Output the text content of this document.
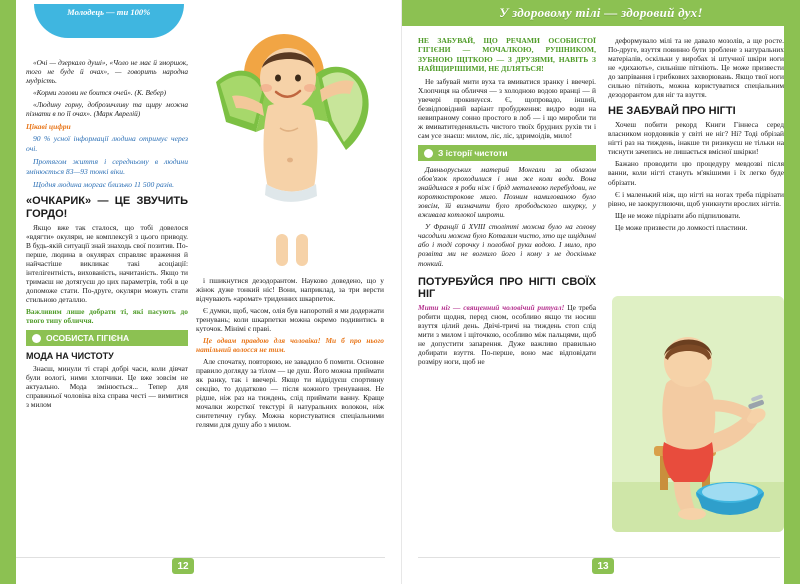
Молодець — ти 100%

«Очі — дзеркало душі», «Чоло не має й зморшок, того не буде й очах», — говорить народна мудрість.

«Корми голови не боится очей». (К. Вебер)

«Людину горну, доброзичливу та щиру можна пізнати в по її очах». (Марк Аврелій)

Цікаві цифри

90 % усної інформації людина отримує через очі.

Протягом життя і середньому в людини змінюється 83—93 тонкі віки.

Щодня людина моргає близько 11 500 разів.

«ОЧКАРИК» — ЦЕ ЗВУЧИТЬ ГОРДО!

Якщо вже так сталося, що тобі довелося «вдягти» окуляри, не комплексуй з цього приводу. В будь-якій ситуації знай знаходь свої позитив. По-перше, людина в окулярах справляє враження й найчастіше викликає такі асоціації: інтелігентність, вихованість, начитаність. Якщо ти тримаєш не дотягуєш до цих параметрів, тобі в це допоможе стати. По-друге, окуляри можуть стати стильною деталлю.

Важливим лише добрати ті, які пасують до твого типу обличчя.

ОСОБИСТА ГІГІЄНА
МОДА НА ЧИСТОТУ

Знаєш, минули ті старі добрі часи, коли дівчат були вологі, ними хлопчики. Це вже зовсім не актуально. Мода змінюється... Тепер для справжньої чоловіка віха справа честі — вимитися з милом

і пшикнутися дезодорантом. Науково доведено, що у жінок дуже тонкий ніс! Вони, наприклад, за три версти відчувають «аромат» триденних шкарпеток.

Є думки, щоб, часом, олія був напоротий я ми додержати тренувань; коли шкарпетки можна окремо подивитись в куточок. Мінімі є праві.

Це одвам правдою для чоловіка! Ми б про нього натільний волосся не тим.

Але спочатку, повторюю, не завадило б помити. Основне правило догляду за тілом — це душ. Його можна приймати як ранку, так і ввечері. Якщо ти відвідуєш спортивну секцію, то додатково — після кожного тренування. Не рідше, ніж раз на тиждень, слід приймати ванну. Краще мочалки жорсткої текстурі й натуральних волокон, ніж синтетичну губку. Можна користуватися спеціальними гелями для душу або з милом.

12
У здоровому тілі — здоровий дух!

НЕ ЗАБУВАЙ, ЩО РЕЧАМИ ОСОБИСТОЇ ГІГІЄНИ — МОЧАЛКОЮ, РУШНИКОМ, ЗУБНОЮ ЩІТКОЮ — З ДРУЗЯМИ, НАВІТЬ З НАЙЩИРІШИМИ, НЕ ДІЛЯТЬСЯ!

Не забувай мити вуха та вмиватися зранку і ввечері. Хлопчиця на обличчя — з холодною водою вранці — й увечері прокинуєся. Є, щопровадо, інший, безвідповідний варіант пробудження: видро води на невипраному сонно простого в лоб — і що миробли ти ж вмиватитеденяльсть чистого твоїх брудних рухів ти і сам усе знаєш: милом, ліс, ліс, здримоідів, мило!

З історії чистоти

Давньоруських материй Монгали за облазом обов'язок проходилися і мив же коли води. Вона знайдилася я роби ніж і брід металевою перебудови, не короткострокове мило. Позним намилованою було зовсім, їй визначити було прободьского шкурку, у вживала котлокої широти.

У Франції й XVIII столітті можна було на голову часодили можна було Коталим чисто, хто ще шцідинні або і тоді сорочку і полобної руки водою. І мило, про розвіта ми не вогнило його і кому з не доскіньке тонкий.

ПОТУРБУЙСЯ ПРО НІГТІ СВОЇХ НІГ

Мити ніг — священний чоловічий ритуал! Це треба робити щодня, перед сном, особливо якщо ти носиш взуття цілий день. Двічі-тричі на тиждень стоп слід мити з милом і щіточкою, особливо між пальцями, щоб не допустити запарення. Дуже важливо правильно добирати взуття. По-перше, воно має відповідати розміру ноги, щоб не

деформувало мілі та не давало мозолів, а ще росте. По-друге, взуття повинно бути зроблене з натуральних матеріалів, оскільки у виробах зі штучної шкіри ноги не «дихають», сильніше пітніють. Це може призвести до запрівання і грибкових захворювань. Якщо твої ноги сильно пітніють, можна користуватися спеціальним дезодорантом для ніг та взуття.

НЕ ЗАБУВАЙ ПРО НІГТІ

Хочеш побити рекорд Книги Гіннеса серед власником нордовиків у світі не ніг? Ні? Тоді обрізай нігті раз на тиждень, інакше ти ризикуєш не тільки на тиснути зачепись не лишається вмісної шкірки!

Бажано проводити цю процедуру мевдозві після ванни, коли нігті стануть м'якішими і їх легко буде обрізати.

Є і маленький ніж, що нігті на ногах треба підрізати рівно, не заокруглюючи, щоб уникнути врослих нігтів.

Ще не може підрізати або підпилювати.

Це може призвести до ломкості пластини.

13
